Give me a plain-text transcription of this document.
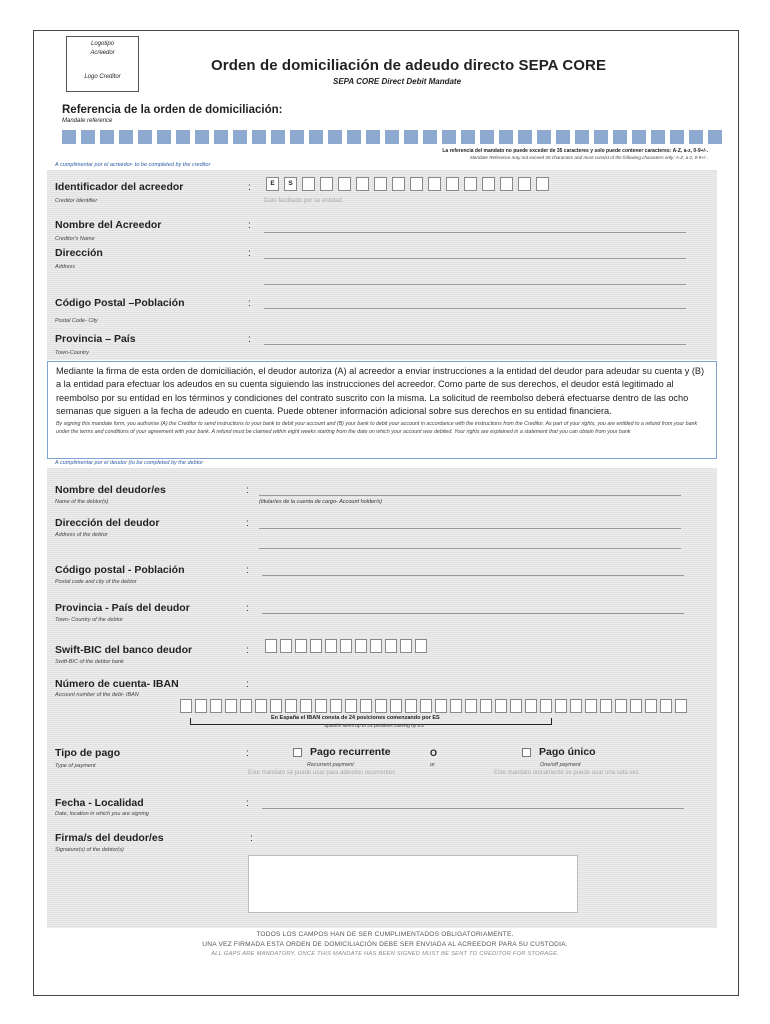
Logotipo
Acreedor
Logo Creditor
Orden de domiciliación de adeudo directo SEPA CORE
SEPA CORE Direct Debit Mandate
Referencia de la orden de domiciliación:
Mandate reference
La referencia del mandato no puede exceder de 35 caracteres y solo puede contener caracteres: A-Z, a-z, 0-9+/-.
Mandate Reference may not exceed 35 characters and must consist of the following characters only: A-Z, a-z, 0-9+/-.
A cumplimentar por el acreedor- to be completed by the creditor
Identificador del acreedor
Creditor Identifier
:	E	S
Dato facilitado por su entidad.
Nombre del Acreedor
Creditor's Name
:
Dirección
Address
:
Código Postal –Población
Postal Code- City
:
Provincia – País
Town-Country
:

Mediante la firma de esta orden de domiciliación, el deudor autoriza (A) al acreedor a enviar instrucciones a la entidad del deudor para adeudar su cuenta y (B) a la entidad para efectuar los adeudos en su cuenta siguiendo las instrucciones del acreedor. Como parte de sus derechos, el deudor está legitimado al reembolso por su entidad en los términos y condiciones del contrato suscrito con la misma. La solicitud de reembolso deberá efectuarse dentro de las ocho semanas que siguen a la fecha de adeudo en cuenta. Puede obtener información adicional sobre sus derechos en su entidad financiera.

By signing this mandate form, you authorise (A) the Creditor to send instructions to your bank to debit your account and (B) your bank to debit your account in accordance with the instructions from the Creditor. As part of your rights, you are entitled to a refund from your bank under the terms and conditions of your agreement with your bank. A refund must be claimed within eight weeks starting from the date on which your account was debited. Your rights are explained in a statement that you can obtain from your bank

A cumplimentar por el deudor (to be completed by the debtor
Nombre del deudor/es
Name of the debtor(s)
:
(titular/es de la cuenta de cargo- Account holder/s)
Dirección del deudor
Address of the debtor
:
Código postal - Población
Postal code and city of the debtor
:
Provincia - País del deudor
Town- Country of the debtor
:
Swift-BIC del banco deudor
Swift-BIC of the debtor bank
:
Número de cuenta- IBAN
Account number of the debt- IBAN
:
En España el IBAN consta de 24 posiciones comenzando por ES
Spanish IBAN up to 24 positions starting by ES
Tipo de pago
Type of payment
:	Pago recurrente
Recurrent payment
Este mandato se puede usar para adeudos recurrentes
O
or
Pago único
One/off payment
Este mandato únicamente se puede usar una sola vez
Fecha - Localidad
Date, location in which you are signing
:
Firma/s del deudor/es
Signature(s) of the debtor(s)
:
TODOS LOS CAMPOS HAN DE SER CUMPLIMENTADOS OBLIGATORIAMENTE.
UNA VEZ FIRMADA ESTA ORDEN DE DOMICILIACIÓN DEBE SER ENVIADA AL ACREEDOR PARA SU CUSTODIA.
ALL GAPS ARE MANDATORY. ONCE THIS MANDATE HAS BEEN SIGNED MUST BE SENT TO CREDITOR FOR STORAGE.
